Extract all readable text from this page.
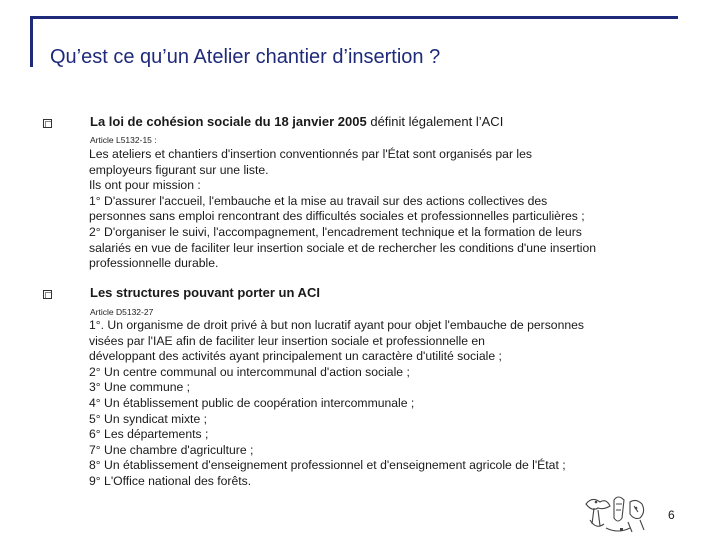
Qu’est ce qu’un Atelier chantier d’insertion ?
La loi de cohésion sociale du 18 janvier 2005 définit légalement l’ACI
Article L5132-15 :
Les ateliers et chantiers d'insertion conventionnés par l'État sont organisés par les
employeurs figurant sur une liste.
Ils ont pour mission :
1° D'assurer l'accueil, l'embauche et la mise au travail sur des actions collectives des
personnes sans emploi rencontrant des difficultés sociales et professionnelles particulières ;
2° D'organiser le suivi, l'accompagnement, l'encadrement technique et la formation de leurs
salariés en vue de faciliter leur insertion sociale et de rechercher les conditions d'une insertion
professionnelle durable.
Les structures pouvant porter un ACI
Article D5132-27
1°. Un organisme de droit privé à but non lucratif ayant pour objet l'embauche de personnes
visées par l'IAE afin de faciliter leur insertion sociale et professionnelle en
développant des activités ayant principalement un caractère d'utilité sociale ;
2° Un centre communal ou intercommunal d'action sociale ;
3° Une commune ;
4° Un établissement public de coopération intercommunale ;
5° Un syndicat mixte ;
6° Les départements ;
7° Une chambre d'agriculture ;
8° Un établissement d'enseignement professionnel et d'enseignement agricole de l'État ;
9° L'Office national des forêts.
6
